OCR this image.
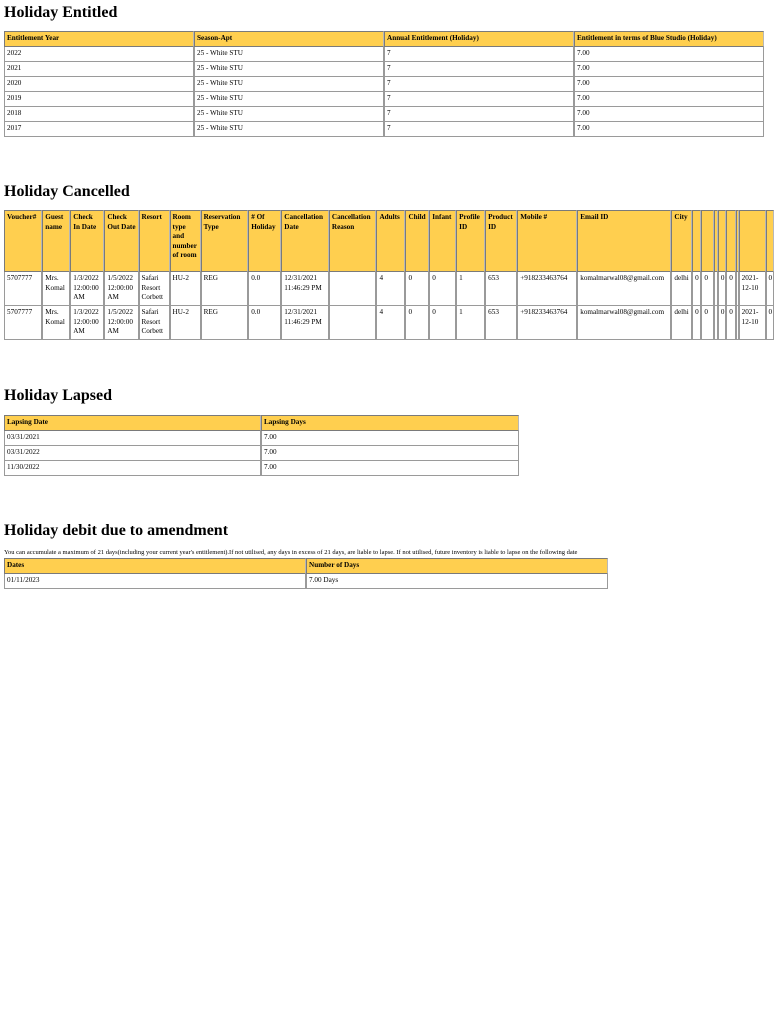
Holiday Entitled
Entitlement Year	Season-Apt	Annual Entitlement (Holiday)	Entitlement in terms of Blue Studio (Holiday)
2022	25 - White STU	7	7.00
2021	25 - White STU	7	7.00
2020	25 - White STU	7	7.00
2019	25 - White STU	7	7.00
2018	25 - White STU	7	7.00
2017	25 - White STU	7	7.00
Holiday Cancelled
Voucher#	Guest name	Check In Date	Check Out Date	Resort	Room type and number of room	Reservation Type	# Of Holiday	Cancellation Date	Cancellation Reason	Adults	Child	Infant	Profile ID	Product ID	Mobile #	Email ID	City								
5707777	Mrs. Komal	1/3/2022 12:00:00 AM	1/5/2022 12:00:00 AM	Safari Resort Corbett	HU-2	REG	0.0	12/31/2021 11:46:29 PM		4	0	0	1	653	+918233463764	komalmarwal08@gmail.com	delhi	0	0		0	0		2021-12-10	0
5707777	Mrs. Komal	1/3/2022 12:00:00 AM	1/5/2022 12:00:00 AM	Safari Resort Corbett	HU-2	REG	0.0	12/31/2021 11:46:29 PM		4	0	0	1	653	+918233463764	komalmarwal08@gmail.com	delhi	0	0		0	0		2021-12-10	0
Holiday Lapsed
Lapsing Date	Lapsing Days
03/31/2021	7.00
03/31/2022	7.00
11/30/2022	7.00
Holiday debit due to amendment

You can accumulate a maximum of 21 days(including your current year's entitlement).If not utilised, any days in excess of 21 days, are liable to lapse. If not utilised, future inventory is liable to lapse on the following date

Dates	Number of Days
01/11/2023	7.00 Days
